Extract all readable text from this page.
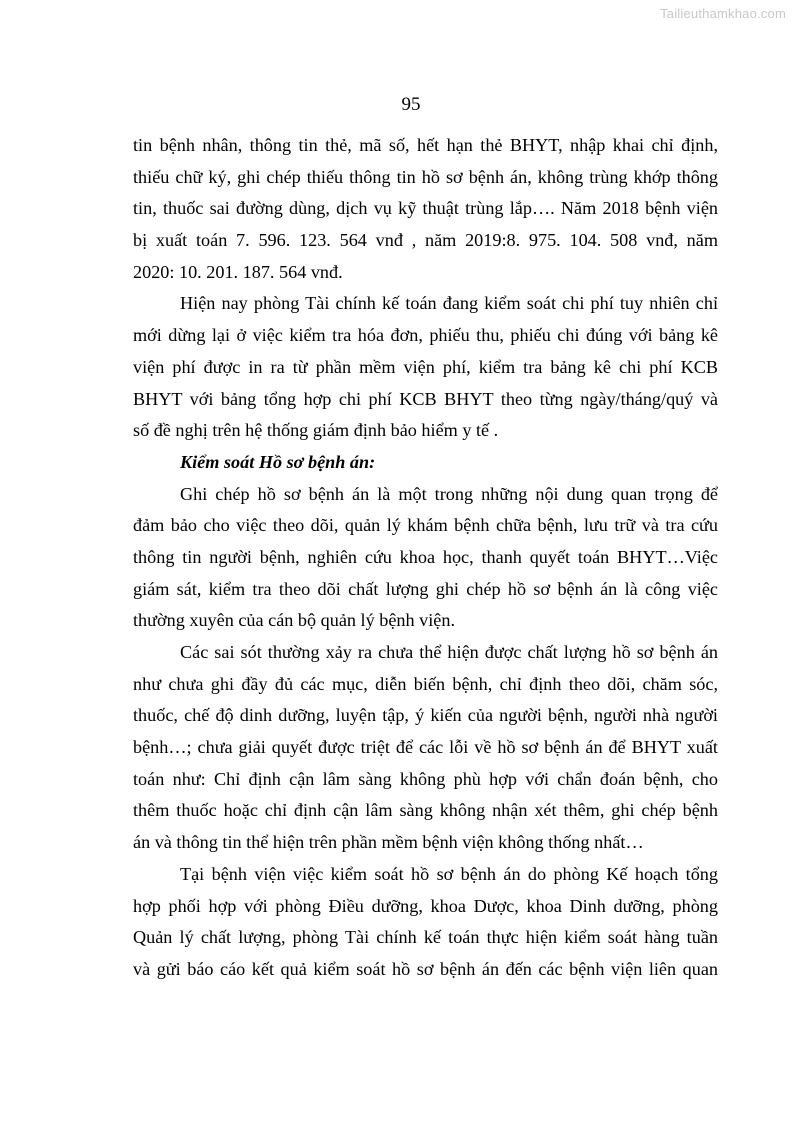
Tailieuthamkhao.com
95
tin bệnh nhân, thông tin thẻ, mã số, hết hạn thẻ BHYT, nhập khai chỉ định,
thiếu chữ ký, ghi chép thiếu thông tin hồ sơ bệnh án, không trùng khớp thông
tin, thuốc sai đường dùng, dịch vụ kỹ thuật trùng lắp…. Năm 2018 bệnh viện
bị xuất toán 7. 596. 123. 564 vnđ , năm 2019:8. 975. 104. 508 vnđ, năm
2020: 10. 201. 187. 564 vnđ.
Hiện nay phòng Tài chính kế toán đang kiểm soát chi phí tuy nhiên chỉ
mới dừng lại ở việc kiểm tra hóa đơn, phiếu thu, phiếu chi đúng với bảng kê
viện phí được in ra từ phần mềm viện phí, kiểm tra bảng kê chi phí KCB
BHYT với bảng tổng hợp chi phí KCB BHYT theo từng ngày/tháng/quý và
số đề nghị trên hệ thống giám định bảo hiểm y tế .
Kiểm soát Hồ sơ bệnh án:
Ghi chép hồ sơ bệnh án là một trong những nội dung quan trọng để
đảm bảo cho việc theo dõi, quản lý khám bệnh chữa bệnh, lưu trữ và tra cứu
thông tin người bệnh, nghiên cứu khoa học, thanh quyết toán BHYT…Việc
giám sát, kiểm tra theo dõi chất lượng ghi chép hồ sơ bệnh án là công việc
thường xuyên của cán bộ quản lý bệnh viện.
Các sai sót thường xảy ra chưa thể hiện được chất lượng hồ sơ bệnh án
như chưa ghi đầy đủ các mục, diễn biến bệnh, chỉ định theo dõi, chăm sóc,
thuốc, chế độ dinh dưỡng, luyện tập, ý kiến của người bệnh, người nhà người
bệnh…; chưa giải quyết được triệt để các lỗi về hồ sơ bệnh án để BHYT xuất
toán như: Chỉ định cận lâm sàng không phù hợp với chẩn đoán bệnh, cho
thêm thuốc hoặc chỉ định cận lâm sàng không nhận xét thêm, ghi chép bệnh
án và thông tin thể hiện trên phần mềm bệnh viện không thống nhất…
Tại bệnh viện việc kiểm soát hồ sơ bệnh án do phòng Kế hoạch tổng
hợp phối hợp với phòng Điều dưỡng, khoa Dược, khoa Dinh dưỡng, phòng
Quản lý chất lượng, phòng Tài chính kế toán thực hiện kiểm soát hàng tuần
và gửi báo cáo kết quả kiểm soát hồ sơ bệnh án đến các bệnh viện liên quan
